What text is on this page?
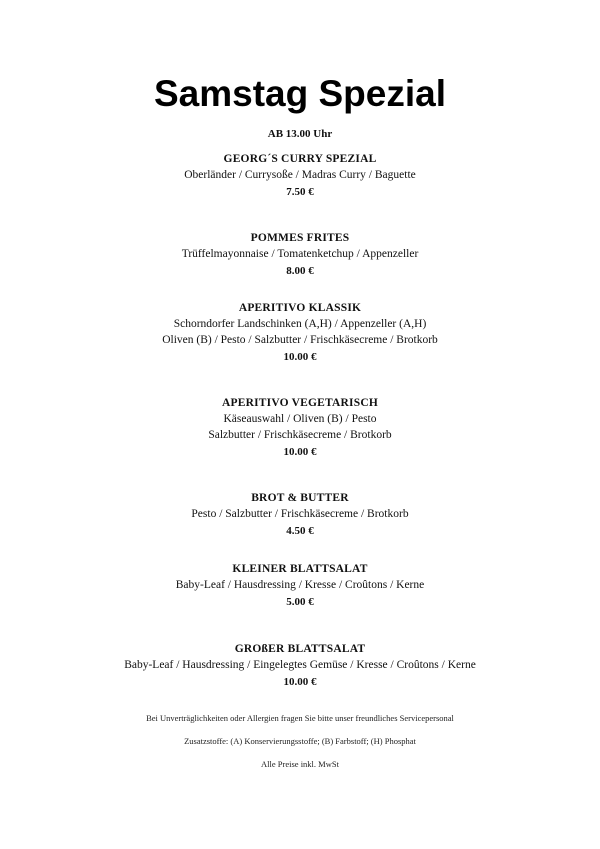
Samstag Spezial
AB 13.00 Uhr
GEORG´S CURRY SPEZIAL
Oberländer / Currysoße / Madras Curry / Baguette
7.50 €
POMMES FRITES
Trüffelmayonnaise / Tomatenketchup / Appenzeller
8.00 €
APERITIVO KLASSIK
Schorndorfer Landschinken (A,H) / Appenzeller (A,H)
Oliven (B) / Pesto / Salzbutter / Frischkäsecreme / Brotkorb
10.00 €
APERITIVO VEGETARISCH
Käseauswahl / Oliven (B) / Pesto
Salzbutter / Frischkäsecreme / Brotkorb
10.00 €
BROT & BUTTER
Pesto / Salzbutter / Frischkäsecreme / Brotkorb
4.50 €
KLEINER BLATTSALAT
Baby-Leaf / Hausdressing / Kresse / Croûtons / Kerne
5.00 €
GROßER BLATTSALAT
Baby-Leaf / Hausdressing / Eingelegtes Gemüse / Kresse / Croûtons / Kerne
10.00 €
Bei Unverträglichkeiten oder Allergien fragen Sie bitte unser freundliches Servicepersonal
Zusatzstoffe: (A) Konservierungsstoffe; (B) Farbstoff; (H) Phosphat
Alle Preise inkl. MwSt
